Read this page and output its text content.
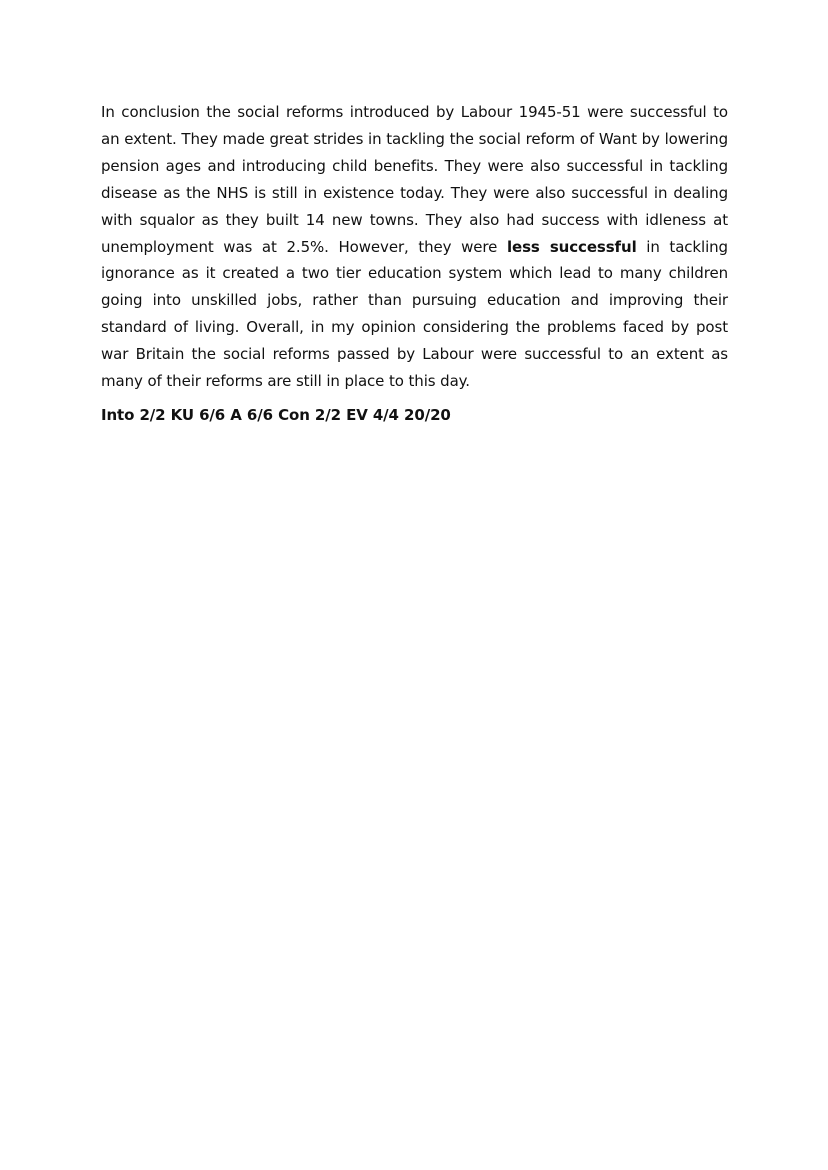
In conclusion the social reforms introduced by Labour 1945-51 were successful to an extent. They made great strides in tackling the social reform of Want by lowering pension ages and introducing child benefits. They were also successful in tackling disease as the NHS is still in existence today. They were also successful in dealing with squalor as they built 14 new towns. They also had success with idleness at unemployment was at 2.5%. However, they were less successful in tackling ignorance as it created a two tier education system which lead to many children going into unskilled jobs, rather than pursuing education and improving their standard of living. Overall, in my opinion considering the problems faced by post war Britain the social reforms passed by Labour were successful to an extent as many of their reforms are still in place to this day.

Into 2/2 KU 6/6 A 6/6 Con 2/2 EV 4/4 20/20
